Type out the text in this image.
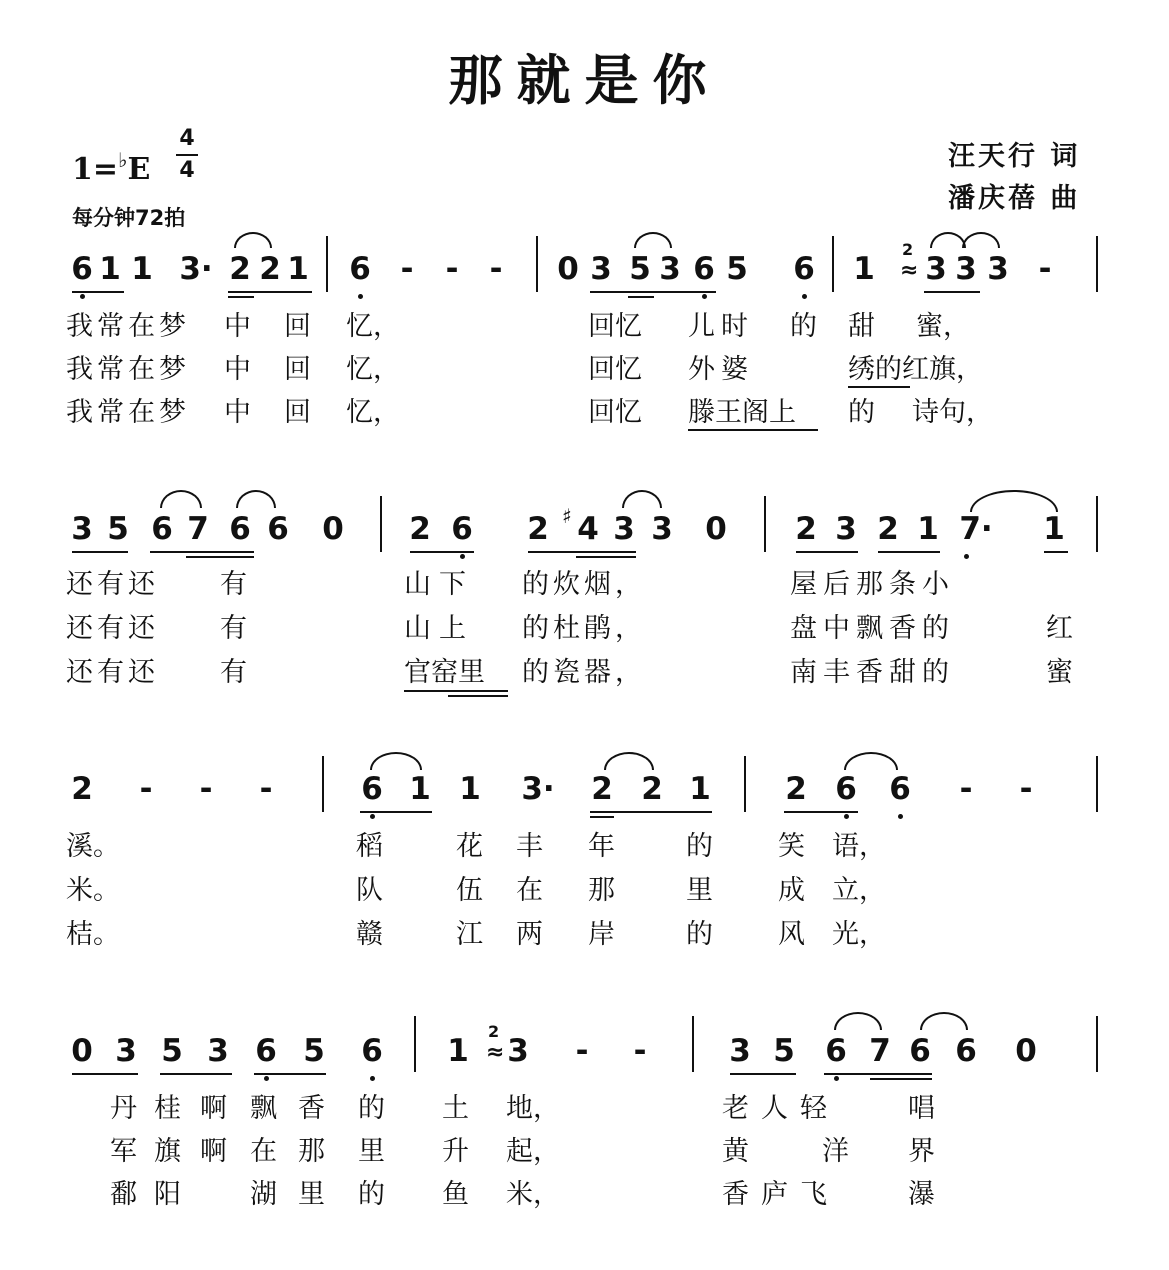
那就是你
汪天行 词
潘庆蓓 曲
1=♭E
4
4
每分钟72拍
6 1 1 3· 2 2 1 6 - - - 0 3 5 3 6 5 6 1
2
≈ 3 3 3 -
我常在梦 中 回 忆，	回忆 儿时 的 甜 蜜，
我常在梦 中 回 忆，	回忆 外婆	绣的红旗，
我常在梦 中 回 忆，	回忆 滕王阁上 的 诗句，
3 5 6 7 6 6 0 2 6 2 ♯ 4 3 3 0 2 3 2 1 7· 1
还有还 有	山下 的炊烟，	屋后那条小
还有还 有	山上 的杜鹃，	盘中飘香的	红
还有还 有	官窑里 的瓷器，	南丰香甜的	蜜
2 - - -	6 1 1 3· 2 2 1 2 6 6 - -
溪。	稻	花 丰 年	的 笑 语，
米。	队	伍 在 那	里 成 立，
桔。	赣	江 两 岸	的 风 光，
0 3 5 3 6 5 6 1
2
≈ 3 - -	3 5 6 7 6 6 0
丹 桂 啊 飘 香 的 土 地，	老人轻	唱
军 旗 啊 在 那 里 升 起，	黄	洋 界
鄱 阳	湖 里 的 鱼 米，	香庐飞	瀑
